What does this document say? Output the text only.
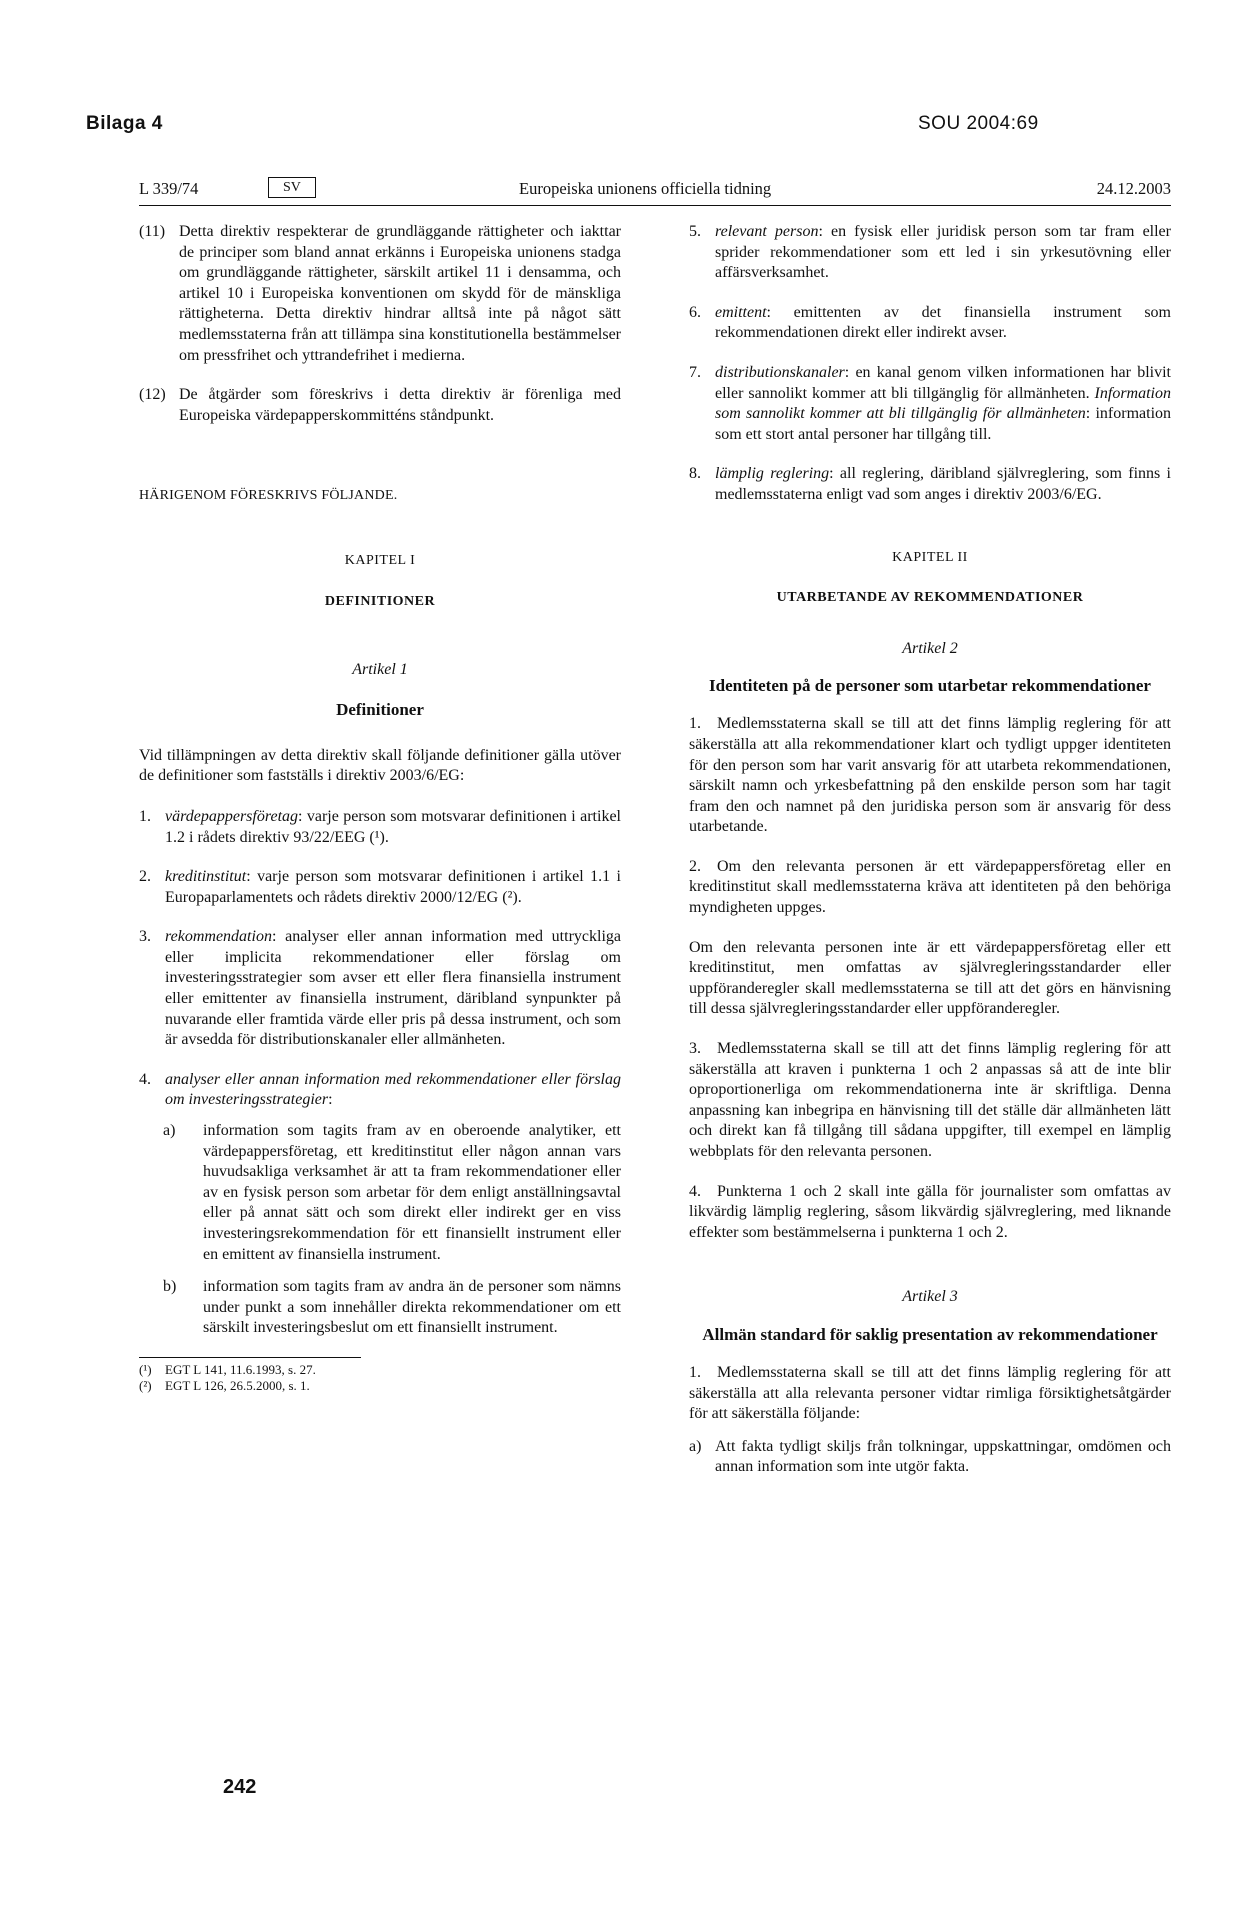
Bilaga 4	SOU 2004:69
L 339/74	SV	Europeiska unionens officiella tidning	24.12.2003
(11) Detta direktiv respekterar de grundläggande rättigheter och iakttar de principer som bland annat erkänns i Europeiska unionens stadga om grundläggande rättigheter, särskilt artikel 11 i densamma, och artikel 10 i Europeiska konventionen om skydd för de mänskliga rättigheterna. Detta direktiv hindrar alltså inte på något sätt medlemsstaterna från att tillämpa sina konstitutionella bestämmelser om pressfrihet och yttrandefrihet i medierna.
(12) De åtgärder som föreskrivs i detta direktiv är förenliga med Europeiska värdepapperskommitténs ståndpunkt.
HÄRIGENOM FÖRESKRIVS FÖLJANDE.
KAPITEL I
DEFINITIONER
Artikel 1
Definitioner

Vid tillämpningen av detta direktiv skall följande definitioner gälla utöver de definitioner som fastställs i direktiv 2003/6/EG:

1. värdepappersföretag: varje person som motsvarar definitionen i artikel 1.2 i rådets direktiv 93/22/EEG (¹).
2. kreditinstitut: varje person som motsvarar definitionen i artikel 1.1 i Europaparlamentets och rådets direktiv 2000/12/EG (²).
3. rekommendation: analyser eller annan information med uttryckliga eller implicita rekommendationer eller förslag om investeringsstrategier som avser ett eller flera finansiella instrument eller emittenter av finansiella instrument, däribland synpunkter på nuvarande eller framtida värde eller pris på dessa instrument, och som är avsedda för distributionskanaler eller allmänheten.
4. analyser eller annan information med rekommendationer eller förslag om investeringsstrategier:
a) information som tagits fram av en oberoende analytiker, ett värdepappersföretag, ett kreditinstitut eller någon annan vars huvudsakliga verksamhet är att ta fram rekommendationer eller av en fysisk person som arbetar för dem enligt anställningsavtal eller på annat sätt och som direkt eller indirekt ger en viss investeringsrekommendation för ett finansiellt instrument eller en emittent av finansiella instrument.
b) information som tagits fram av andra än de personer som nämns under punkt a som innehåller direkta rekommendationer om ett särskilt investeringsbeslut om ett finansiellt instrument.
(¹) EGT L 141, 11.6.1993, s. 27.
(²) EGT L 126, 26.5.2000, s. 1.
5. relevant person: en fysisk eller juridisk person som tar fram eller sprider rekommendationer som ett led i sin yrkesutövning eller affärsverksamhet.
6. emittent: emittenten av det finansiella instrument som rekommendationen direkt eller indirekt avser.
7. distributionskanaler: en kanal genom vilken informationen har blivit eller sannolikt kommer att bli tillgänglig för allmänheten. Information som sannolikt kommer att bli tillgänglig för allmänheten: information som ett stort antal personer har tillgång till.
8. lämplig reglering: all reglering, däribland självreglering, som finns i medlemsstaterna enligt vad som anges i direktiv 2003/6/EG.
KAPITEL II
UTARBETANDE AV REKOMMENDATIONER
Artikel 2
Identiteten på de personer som utarbetar rekommendationer

1. Medlemsstaterna skall se till att det finns lämplig reglering för att säkerställa att alla rekommendationer klart och tydligt uppger identiteten för den person som har varit ansvarig för att utarbeta rekommendationen, särskilt namn och yrkesbefattning på den enskilde person som har tagit fram den och namnet på den juridiska person som är ansvarig för dess utarbetande.

2. Om den relevanta personen är ett värdepappersföretag eller en kreditinstitut skall medlemsstaterna kräva att identiteten på den behöriga myndigheten uppges.

Om den relevanta personen inte är ett värdepappersföretag eller ett kreditinstitut, men omfattas av självregleringsstandarder eller uppföranderegler skall medlemsstaterna se till att det görs en hänvisning till dessa självregleringsstandarder eller uppföranderegler.

3. Medlemsstaterna skall se till att det finns lämplig reglering för att säkerställa att kraven i punkterna 1 och 2 anpassas så att de inte blir oproportionerliga om rekommendationerna inte är skriftliga. Denna anpassning kan inbegripa en hänvisning till det ställe där allmänheten lätt och direkt kan få tillgång till sådana uppgifter, till exempel en lämplig webbplats för den relevanta personen.

4. Punkterna 1 och 2 skall inte gälla för journalister som omfattas av likvärdig lämplig reglering, såsom likvärdig självreglering, med liknande effekter som bestämmelserna i punkterna 1 och 2.

Artikel 3
Allmän standard för saklig presentation av rekommendationer

1. Medlemsstaterna skall se till att det finns lämplig reglering för att säkerställa att alla relevanta personer vidtar rimliga försiktighetsåtgärder för att säkerställa följande:

a) Att fakta tydligt skiljs från tolkningar, uppskattningar, omdömen och annan information som inte utgör fakta.
242
